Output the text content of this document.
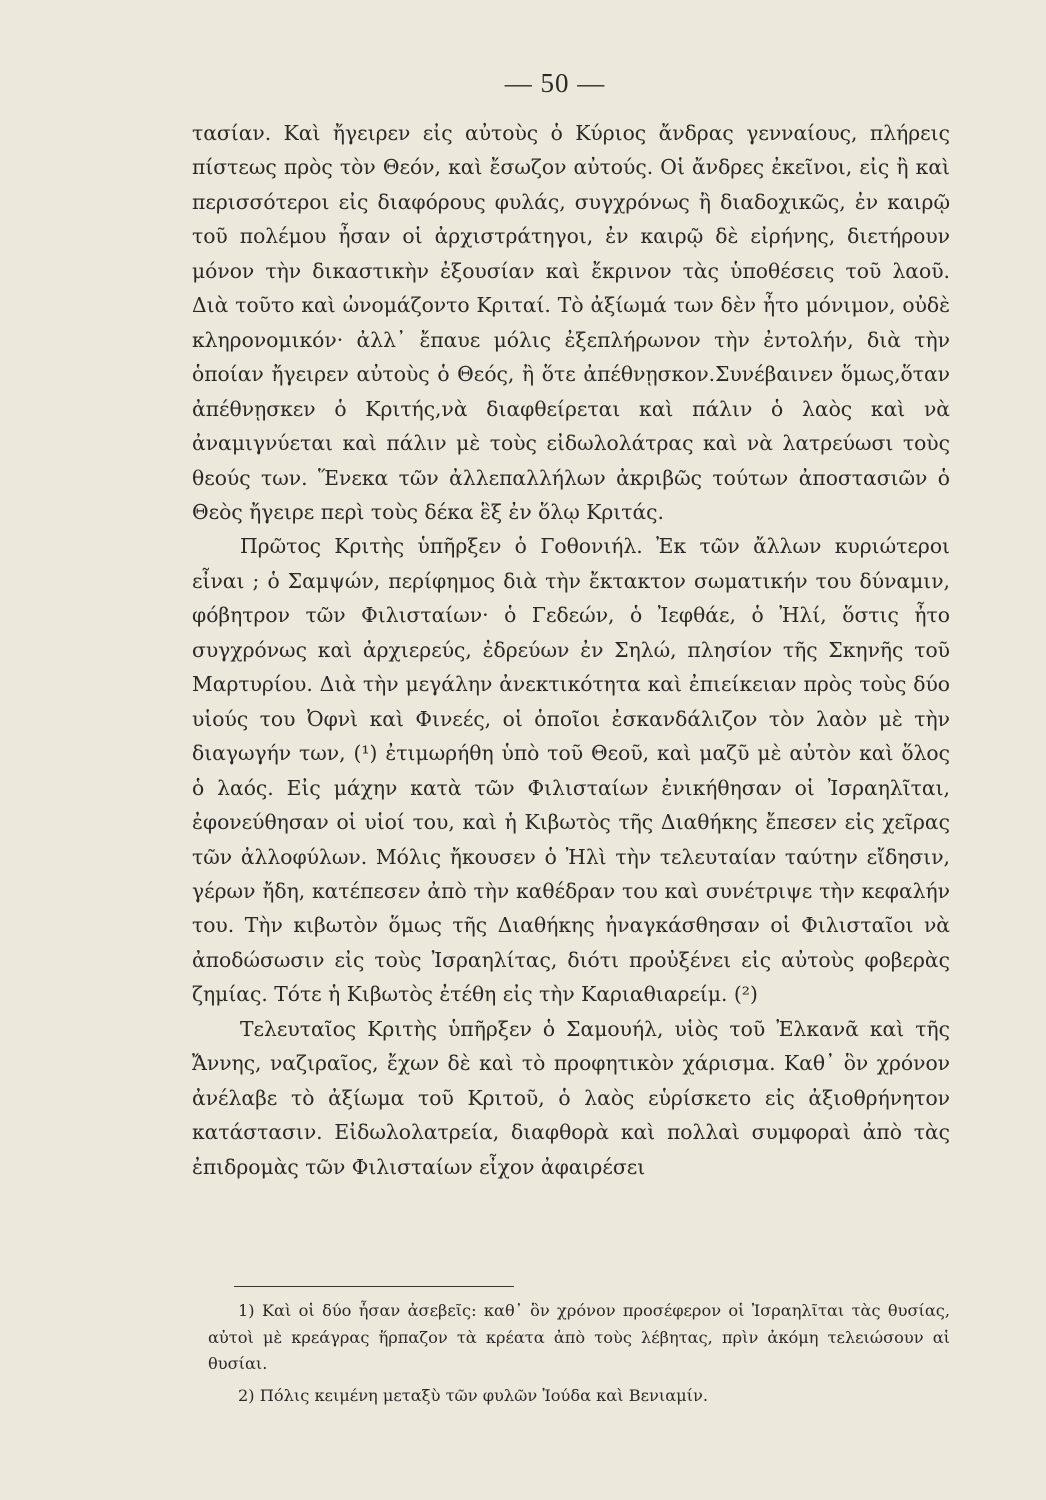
— 50 —

τασίαν. Καὶ ἤγειρεν εἰς αὐτοὺς ὁ Κύριος ἄνδρας γενναίους, πλήρεις πίστεως πρὸς τὸν Θεόν, καὶ ἔσωζον αὐτούς. Οἱ ἄνδρες ἐκεῖνοι, εἰς ἢ καὶ περισσότεροι εἰς διαφόρους φυλάς, συγχρόνως ἢ διαδοχικῶς, ἐν καιρῷ τοῦ πολέμου ἦσαν οἱ ἀρχιστράτηγοι, ἐν καιρῷ δὲ εἰρήνης, διετήρουν μόνον τὴν δικαστικὴν ἐξουσίαν καὶ ἔκρινον τὰς ὑποθέσεις τοῦ λαοῦ. Διὰ τοῦτο καὶ ὠνομάζοντο Κριταί. Τὸ ἀξίωμά των δὲν ἦτο μόνιμον, οὐδὲ κληρονομικόν· ἀλλ᾽ ἔπαυε μόλις ἐξεπλήρωνον τὴν ἐντολήν, διὰ τὴν ὁποίαν ἤγειρεν αὐτοὺς ὁ Θεός, ἢ ὅτε ἀπέθνῃσκον.Συνέβαινεν ὅμως,ὅταν ἀπέθνῃσκεν ὁ Κριτής,νὰ διαφθείρεται καὶ πάλιν ὁ λαὸς καὶ νὰ ἀναμιγνύεται καὶ πάλιν μὲ τοὺς εἰδωλολάτρας καὶ νὰ λατρεύωσι τοὺς θεούς των. Ἕνεκα τῶν ἀλλεπαλλήλων ἀκριβῶς τούτων ἀποστασιῶν ὁ Θεὸς ἤγειρε περὶ τοὺς δέκα ἓξ ἐν ὅλῳ Κριτάς.

Πρῶτος Κριτὴς ὑπῆρξεν ὁ Γοθονιήλ. Ἐκ τῶν ἄλλων κυριώτεροι εἶναι ; ὁ Σαμψών, περίφημος διὰ τὴν ἔκτακτον σωματικήν του δύναμιν, φόβητρον τῶν Φιλισταίων· ὁ Γεδεών, ὁ Ἰεφθάε, ὁ Ἠλί, ὅστις ἦτο συγχρόνως καὶ ἀρχιερεύς, ἐδρεύων ἐν Σηλώ, πλησίον τῆς Σκηνῆς τοῦ Μαρτυρίου. Διὰ τὴν μεγάλην ἀνεκτικότητα καὶ ἐπιείκειαν πρὸς τοὺς δύο υἱούς του Ὀφνὶ καὶ Φινεές, οἱ ὁποῖοι ἐσκανδάλιζον τὸν λαὸν μὲ τὴν διαγωγήν των, (¹) ἐτιμωρήθη ὑπὸ τοῦ Θεοῦ, καὶ μαζῦ μὲ αὐτὸν καὶ ὅλος ὁ λαός. Εἰς μάχην κατὰ τῶν Φιλισταίων ἐνικήθησαν οἱ Ἰσραηλῖται, ἐφονεύθησαν οἱ υἱοί του, καὶ ἡ Κιβωτὸς τῆς Διαθήκης ἔπεσεν εἰς χεῖρας τῶν ἀλλοφύλων. Μόλις ἤκουσεν ὁ Ἠλὶ τὴν τελευταίαν ταύτην εἴδησιν, γέρων ἤδη, κατέπεσεν ἀπὸ τὴν καθέδραν του καὶ συνέτριψε τὴν κεφαλήν του. Τὴν κιβωτὸν ὅμως τῆς Διαθήκης ἠναγκάσθησαν οἱ Φιλισταῖοι νὰ ἀποδώσωσιν εἰς τοὺς Ἰσραηλίτας, διότι προὐξένει εἰς αὐτοὺς φοβερὰς ζημίας. Τότε ἡ Κιβωτὸς ἐτέθη εἰς τὴν Καριαθιαρείμ. (²)

Τελευταῖος Κριτὴς ὑπῆρξεν ὁ Σαμουήλ, υἱὸς τοῦ Ἐλκανᾶ καὶ τῆς Ἄννης, ναζιραῖος, ἔχων δὲ καὶ τὸ προφητικὸν χάρισμα. Καθ᾽ ὃν χρόνον ἀνέλαβε τὸ ἀξίωμα τοῦ Κριτοῦ, ὁ λαὸς εὑρίσκετο εἰς ἀξιοθρήνητον κατάστασιν. Εἰδωλολατρεία, διαφθορὰ καὶ πολλαὶ συμφοραὶ ἀπὸ τὰς ἐπιδρομὰς τῶν Φιλισταίων εἶχον ἀφαιρέσει

1) Καὶ οἱ δύο ἦσαν ἀσεβεῖς: καθ᾽ ὃν χρόνον προσέφερον οἱ Ἰσραηλῖται τὰς θυσίας, αὐτοὶ μὲ κρεάγρας ἥρπαζον τὰ κρέατα ἀπὸ τοὺς λέβητας, πρὶν ἀκόμη τελειώσουν αἱ θυσίαι.

2) Πόλις κειμένη μεταξὺ τῶν φυλῶν Ἰούδα καὶ Βενιαμίν.
